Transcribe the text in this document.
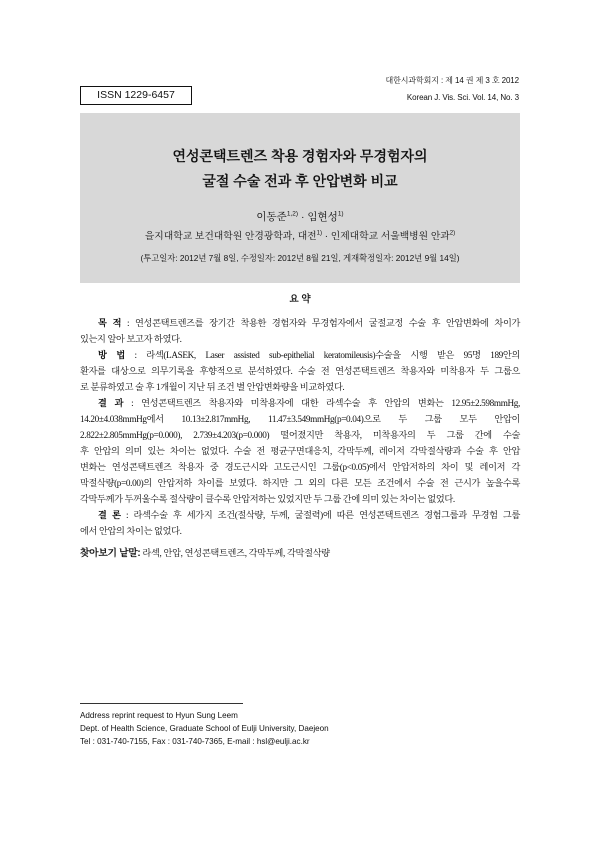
ISSN 1229-6457
대한시과학회지 : 제 14 권 제 3 호 2012
Korean J. Vis. Sci. Vol. 14, No. 3
연성콘택트렌즈 착용 경험자와 무경험자의
굴절 수술 전과 후 안압변화 비교
이동준$^{1,2)}$ · 임현성$^{1)}$
을지대학교 보건대학원 안경광학과, 대전$^{1)}$ · 인제대학교 서울백병원 안과$^{2)}$
(투고일자: 2012년 7월 8일, 수정일자: 2012년 8월 21일, 게재확정일자: 2012년 9월 14일)
요 약
목 적 : 연성콘택트렌즈를 장기간 착용한 경험자와 무경험자에서 굴절교정 수술 후 안압변화에 차이가
있는지 알아 보고자 하였다.
방 법 : 라섹(LASEK, Laser assisted sub-epithelial keratomileusis)수술을 시행 받은 95명 189안의
환자를 대상으로 의무기록을 후향적으로 분석하였다. 수술 전 연성콘택트렌즈 착용자와 미착용자 두 그룹으
로 분류하였고 술 후 1개월이 지난 뒤 조건 별 안압변화량을 비교하였다.
결 과 : 연성콘택트렌즈 착용자와 미착용자에 대한 라섹수술 후 안압의 변화는 12.95±2.598mmHg,
14.20±4.038mmHg에서 10.13±2.817mmHg, 11.47±3.549mmHg(p=0.04)으로 두 그룹 모두 안압이
2.822±2.805mmHg(p=0.000), 2.739±4.203(p=0.000) 떨어졌지만 착용자, 미착용자의 두 그룹 간에 수술
후 안압의 의미 있는 차이는 없었다. 수술 전 평균구면대응치, 각막두께, 레이저 각막절삭량과 수술 후 안압
변화는 연성콘택트렌즈 착용자 중 경도근시와 고도근시인 그룹(p<0.05)에서 안압저하의 차이 및 레이저 각
막절삭량(p=0.00)의 안압저하 차이를 보였다. 하지만 그 외의 다른 모든 조건에서 수술 전 근시가 높을수록
각막두께가 두꺼울수록 절삭량이 클수록 안압저하는 있었지만 두 그룹 간에 의미 있는 차이는 없었다.
결 론 : 라섹수술 후 세가지 조건(절삭량, 두께, 굴절력)에 따른 연성콘택트렌즈 경험그룹과 무경험 그룹
에서 안압의 차이는 없었다.
찾아보기 낱말: 라섹, 안압, 연성콘택트렌즈, 각막두께, 각막절삭량
Address reprint request to Hyun Sung Leem
Dept. of Health Science, Graduate School of Eulji University, Daejeon
Tel : 031-740-7155, Fax : 031-740-7365, E-mail : hsl@eulji.ac.kr
